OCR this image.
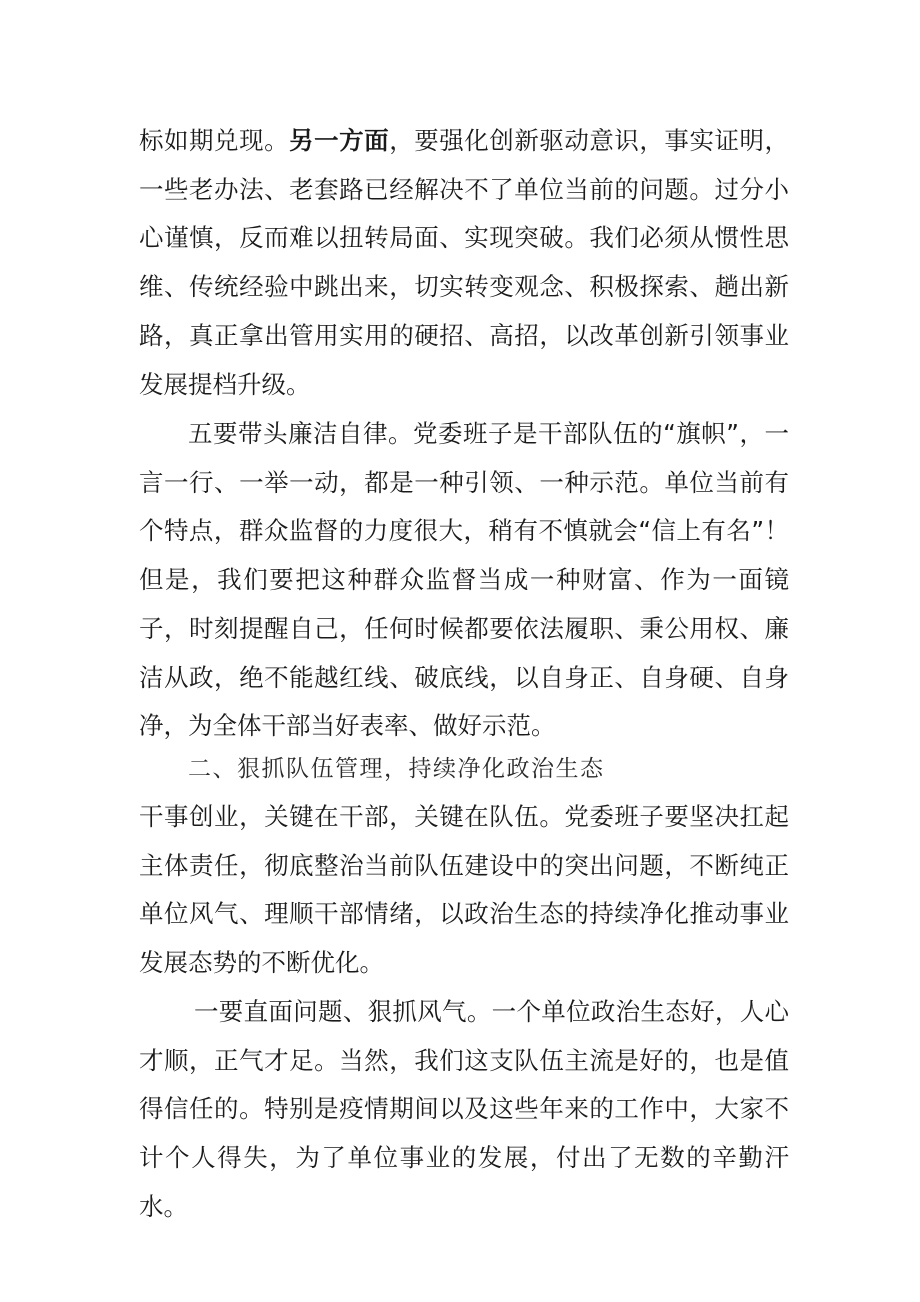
标如期兑现。另一方面，要强化创新驱动意识，事实证明，一些老办法、老套路已经解决不了单位当前的问题。过分小心谨慎，反而难以扭转局面、实现突破。我们必须从惯性思维、传统经验中跳出来，切实转变观念、积极探索、趟出新路，真正拿出管用实用的硬招、高招，以改革创新引领事业发展提档升级。

五要带头廉洁自律。党委班子是干部队伍的“旗帜”，一言一行、一举一动，都是一种引领、一种示范。单位当前有个特点，群众监督的力度很大，稍有不慎就会“信上有名”！但是，我们要把这种群众监督当成一种财富、作为一面镜子，时刻提醒自己，任何时候都要依法履职、秉公用权、廉洁从政，绝不能越红线、破底线，以自身正、自身硬、自身净，为全体干部当好表率、做好示范。

二、狠抓队伍管理，持续净化政治生态

干事创业，关键在干部，关键在队伍。党委班子要坚决扛起主体责任，彻底整治当前队伍建设中的突出问题，不断纯正单位风气、理顺干部情绪，以政治生态的持续净化推动事业发展态势的不断优化。

一要直面问题、狠抓风气。一个单位政治生态好，人心才顺，正气才足。当然，我们这支队伍主流是好的，也是值得信任的。特别是疫情期间以及这些年来的工作中，大家不计个人得失，为了单位事业的发展，付出了无数的辛勤汗水。
